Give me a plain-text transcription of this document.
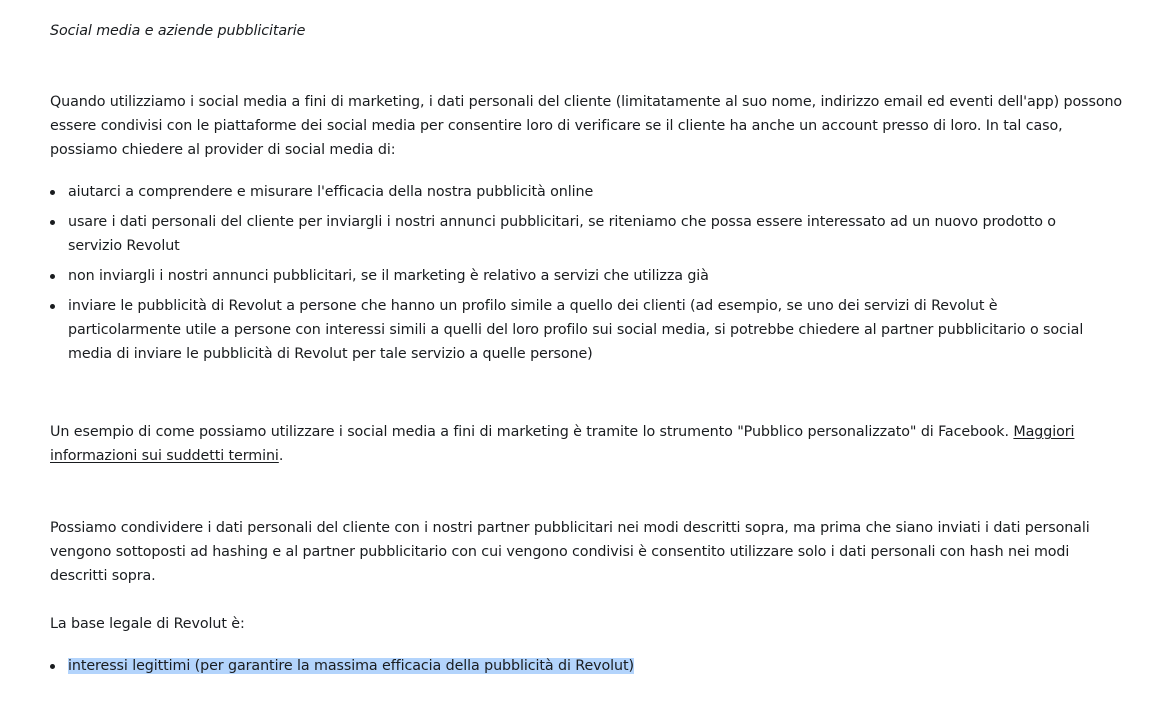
Social media e aziende pubblicitarie

Quando utilizziamo i social media a fini di marketing, i dati personali del cliente (limitatamente al suo nome, indirizzo email ed eventi dell'app) possono essere condivisi con le piattaforme dei social media per consentire loro di verificare se il cliente ha anche un account presso di loro. In tal caso, possiamo chiedere al provider di social media di:

aiutarci a comprendere e misurare l'efficacia della nostra pubblicità online
usare i dati personali del cliente per inviargli i nostri annunci pubblicitari, se riteniamo che possa essere interessato ad un nuovo prodotto o servizio Revolut
non inviargli i nostri annunci pubblicitari, se il marketing è relativo a servizi che utilizza già
inviare le pubblicità di Revolut a persone che hanno un profilo simile a quello dei clienti (ad esempio, se uno dei servizi di Revolut è particolarmente utile a persone con interessi simili a quelli del loro profilo sui social media, si potrebbe chiedere al partner pubblicitario o social media di inviare le pubblicità di Revolut per tale servizio a quelle persone)

Un esempio di come possiamo utilizzare i social media a fini di marketing è tramite lo strumento "Pubblico personalizzato" di Facebook. Maggiori informazioni sui suddetti termini.

Possiamo condividere i dati personali del cliente con i nostri partner pubblicitari nei modi descritti sopra, ma prima che siano inviati i dati personali vengono sottoposti ad hashing e al partner pubblicitario con cui vengono condivisi è consentito utilizzare solo i dati personali con hash nei modi descritti sopra.

La base legale di Revolut è:

interessi legittimi (per garantire la massima efficacia della pubblicità di Revolut)
